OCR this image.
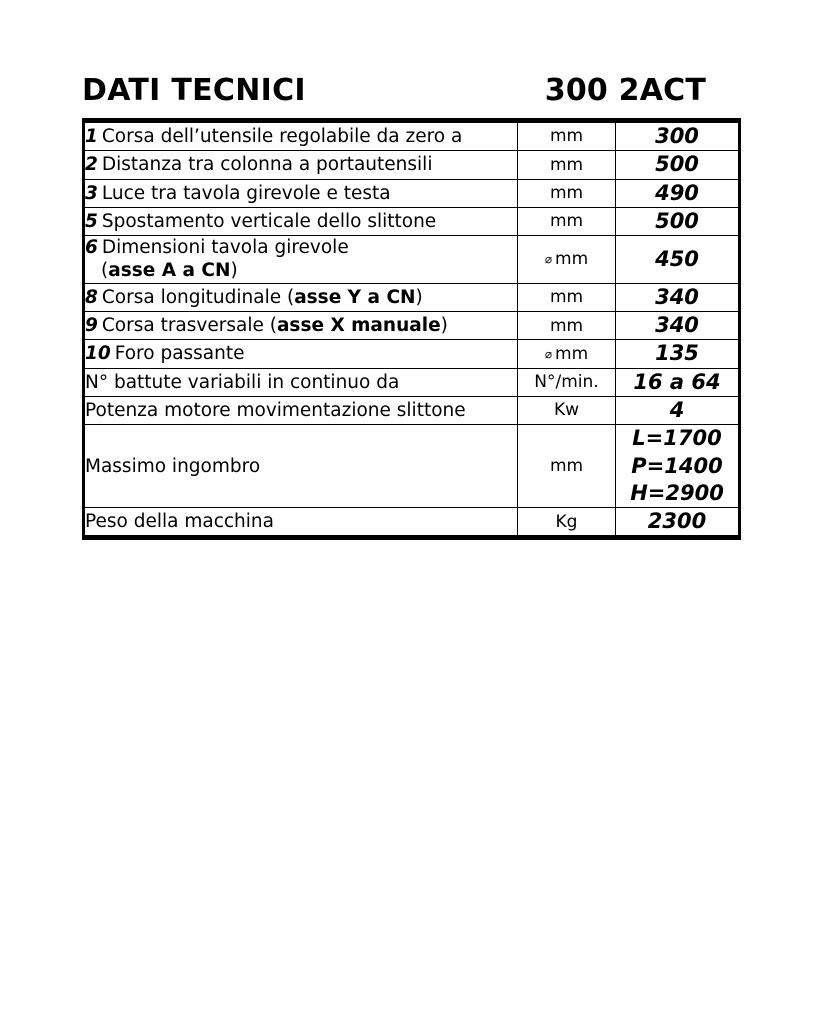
DATI TECNICI	300 2ACT
1 Corsa dell’utensile regolabile da zero a	mm	300
2 Distanza tra colonna a portautensili	mm	500
3 Luce tra tavola girevole e testa	mm	490
5 Spostamento verticale dello slittone	mm	500
6 Dimensioni tavola girevole
(asse A a CN)	⌀ mm	450
8 Corsa longitudinale (asse Y a CN)	mm	340
9 Corsa trasversale (asse X manuale)	mm	340
10 Foro passante	⌀ mm	135
N° battute variabili in continuo da	N°/min.	16 a 64
Potenza motore movimentazione slittone	Kw	4
Massimo ingombro	mm	L=1700
P=1400
H=2900

Peso della macchina	Kg	2300
